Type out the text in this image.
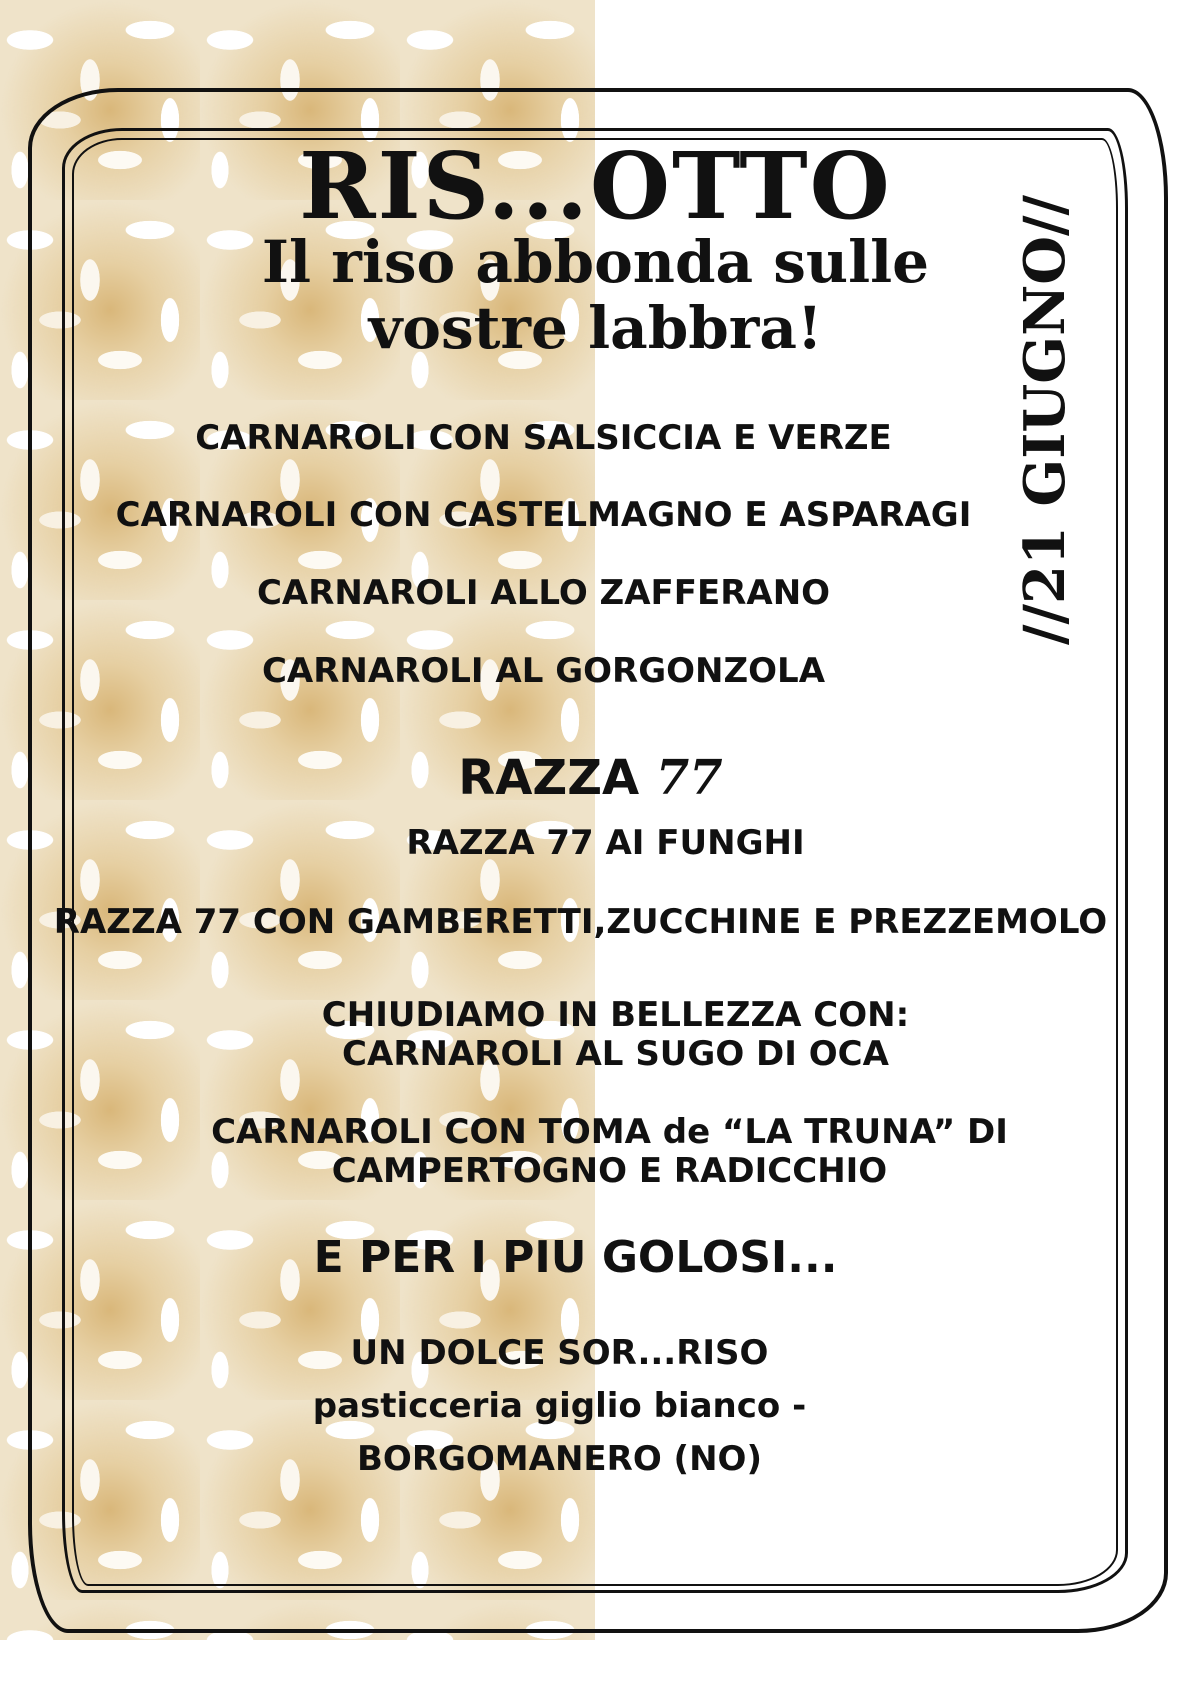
RIS...OTTO
Il riso abbonda sulle
vostre labbra!	//21 GIUGNO//
CARNAROLI CON SALSICCIA E VERZE
CARNAROLI CON CASTELMAGNO E ASPARAGI
CARNAROLI ALLO ZAFFERANO
CARNAROLI AL GORGONZOLA
RAZZA 77
RAZZA 77 AI FUNGHI
RAZZA 77 CON GAMBERETTI,ZUCCHINE E PREZZEMOLO
CHIUDIAMO IN BELLEZZA CON:
CARNAROLI AL SUGO DI OCA
CARNAROLI CON TOMA de “LA TRUNA” DI
CAMPERTOGNO E RADICCHIO
E PER I PIU GOLOSI...
UN DOLCE SOR...RISO
pasticceria giglio bianco -
BORGOMANERO (NO)
